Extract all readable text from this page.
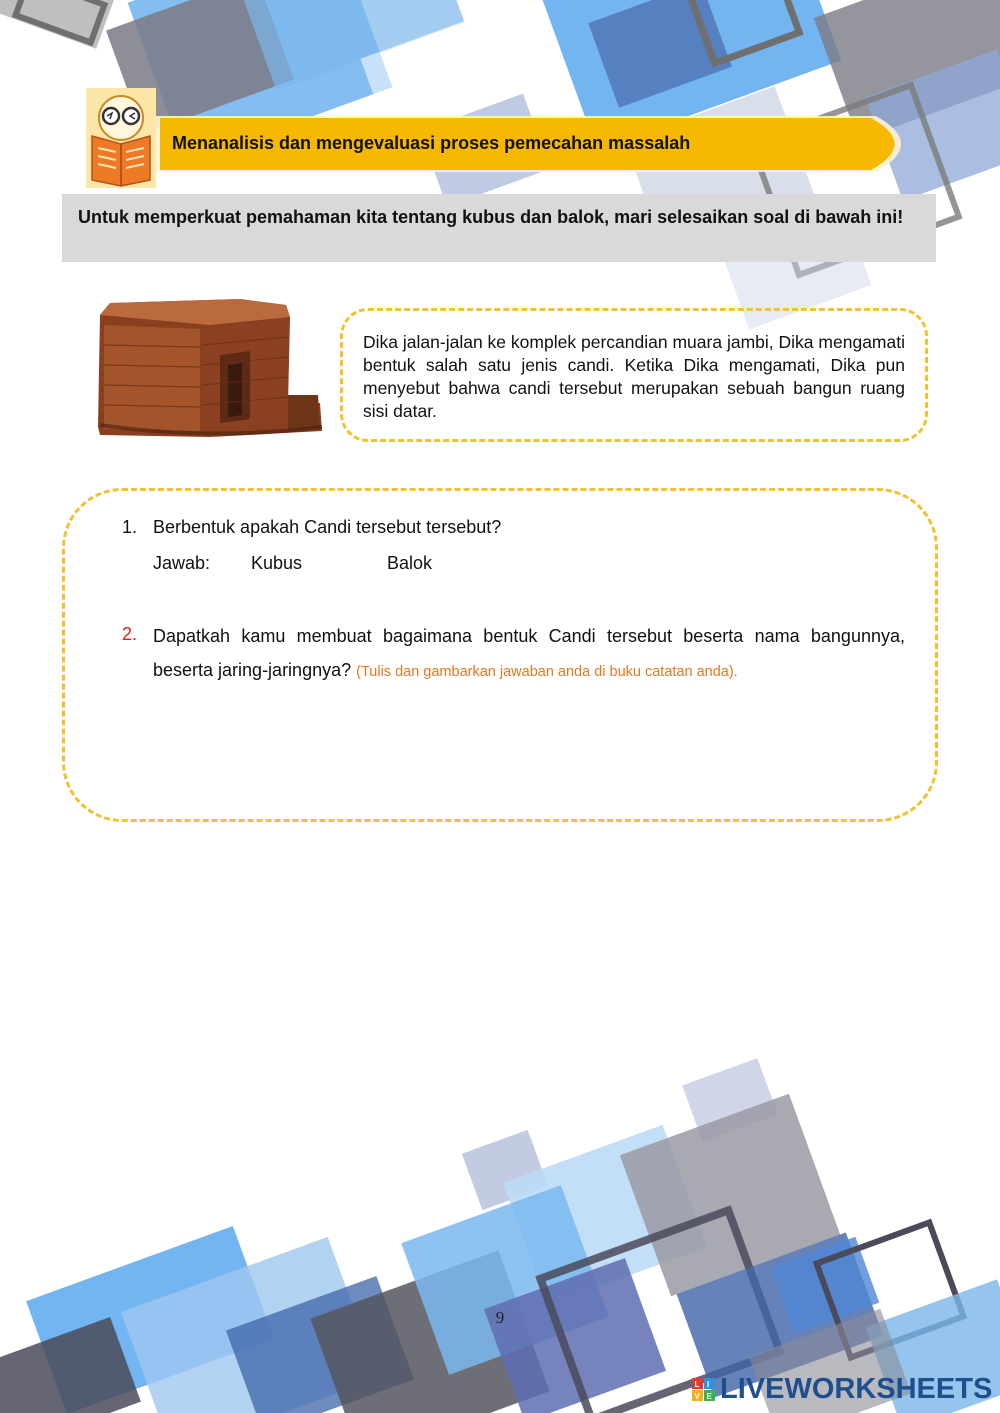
Menanalisis dan mengevaluasi proses pemecahan massalah
Untuk memperkuat pemahaman kita tentang kubus dan balok, mari selesaikan soal di bawah ini!
Dika jalan-jalan ke komplek percandian muara jambi, Dika mengamati bentuk salah satu jenis candi. Ketika Dika mengamati, Dika pun menyebut bahwa candi tersebut merupakan sebuah bangun ruang sisi datar.
1. Berbentuk apakah Candi tersebut tersebut?
Jawab: Kubus	Balok
2. Dapatkah kamu membuat bagaimana bentuk Candi tersebut beserta nama bangunnya, beserta jaring-jaringnya? (Tulis dan gambarkan jawaban anda di buku catatan anda).
9
L I
V E LIVEWORKSHEETS
